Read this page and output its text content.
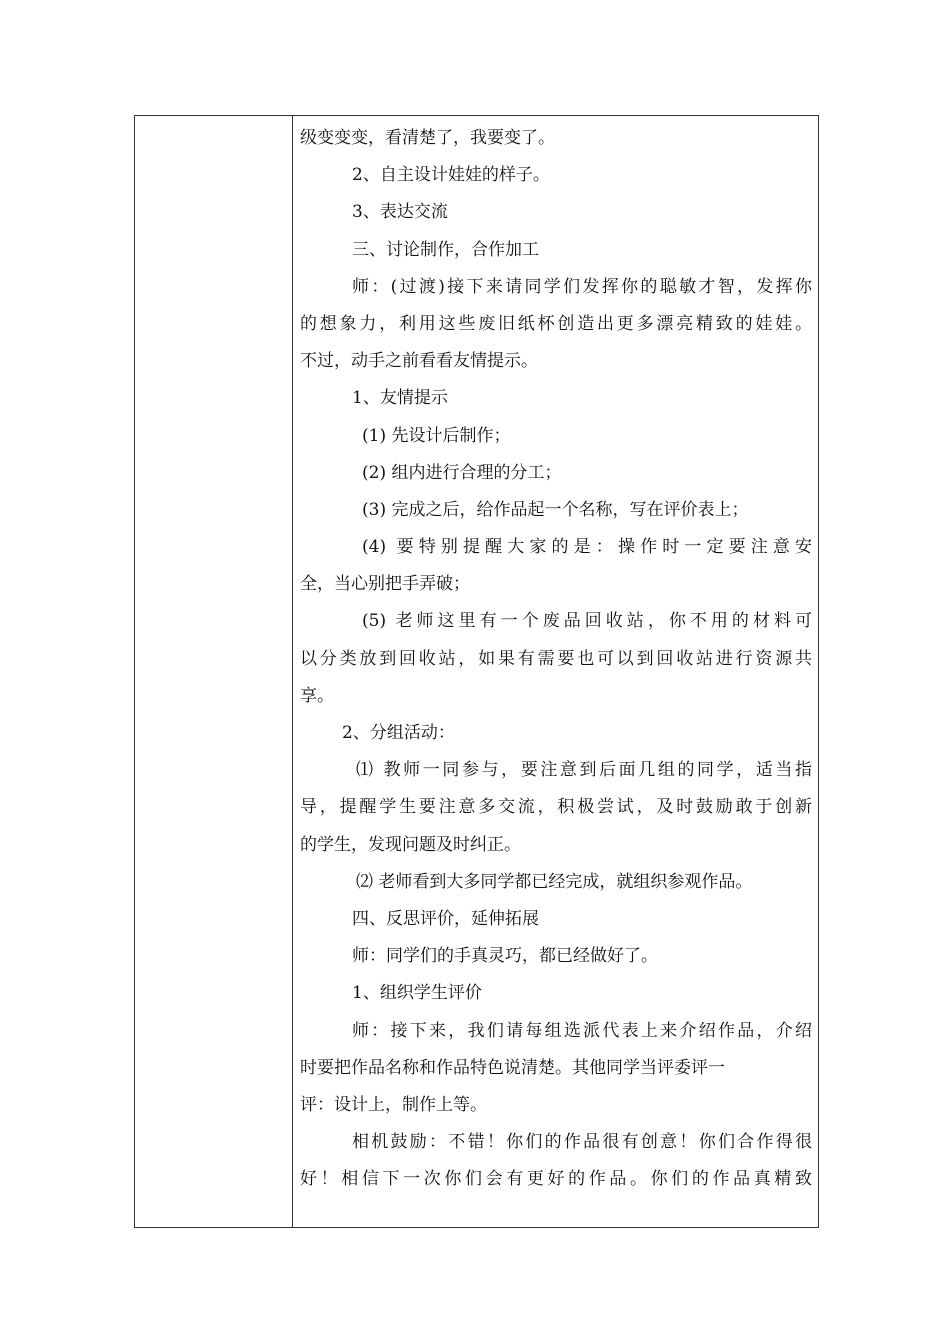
级变变变，看清楚了，我要变了。
2、自主设计娃娃的样子。
3、表达交流
三、讨论制作，合作加工
师：(过渡)接下来请同学们发挥你的聪敏才智，发挥你
的想象力，利用这些废旧纸杯创造出更多漂亮精致的娃娃。
不过，动手之前看看友情提示。
1、友情提示
(1) 先设计后制作；
(2) 组内进行合理的分工；
(3) 完成之后，给作品起一个名称，写在评价表上；
(4) 要特别提醒大家的是：操作时一定要注意安
全，当心别把手弄破；
(5) 老师这里有一个废品回收站，你不用的材料可
以分类放到回收站，如果有需要也可以到回收站进行资源共
享。
2、分组活动：
⑴ 教师一同参与，要注意到后面几组的同学，适当指
导，提醒学生要注意多交流，积极尝试，及时鼓励敢于创新
的学生，发现问题及时纠正。
⑵ 老师看到大多同学都已经完成，就组织参观作品。
四、反思评价，延伸拓展
师：同学们的手真灵巧，都已经做好了。
1、组织学生评价
师：接下来，我们请每组选派代表上来介绍作品，介绍
时要把作品名称和作品特色说清楚。其他同学当评委评一
评：设计上，制作上等。
相机鼓励：不错！你们的作品很有创意！你们合作得很
好！相信下一次你们会有更好的作品。你们的作品真精致
